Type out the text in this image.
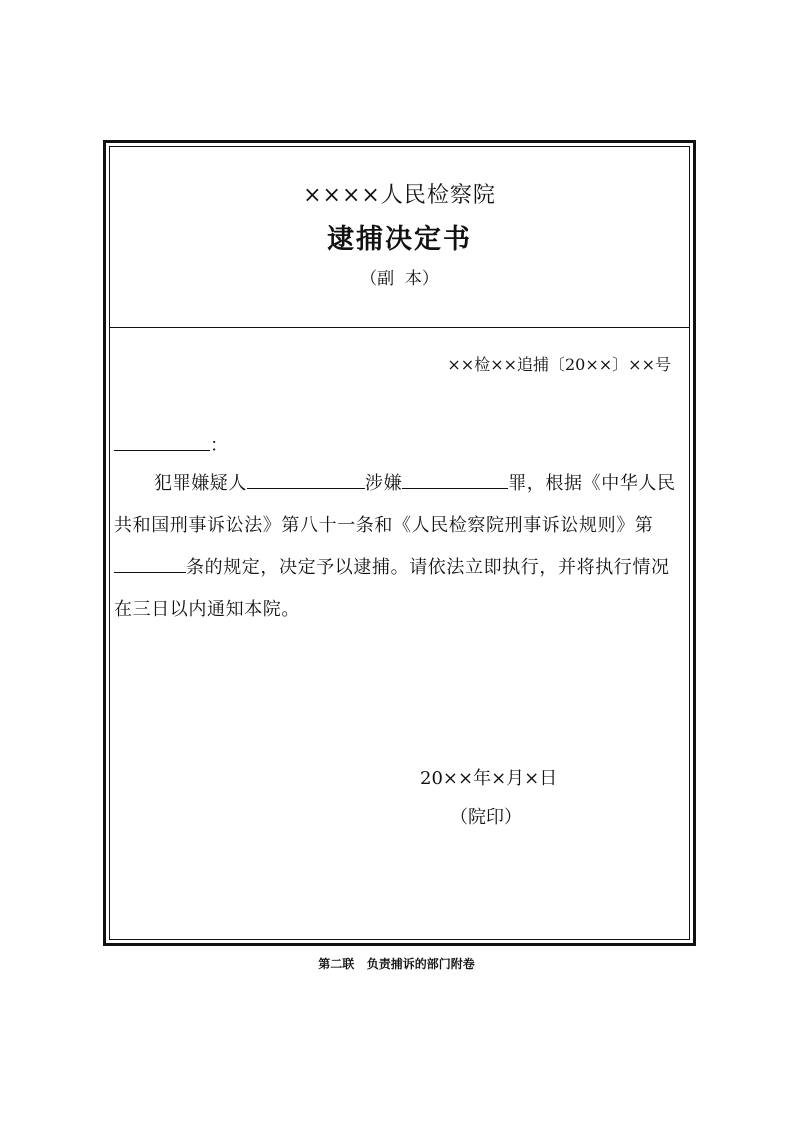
××××人民检察院
逮捕决定书
（副  本）
××检××追捕〔20××〕××号
：
犯罪嫌疑人	涉嫌	罪，根据《中华人民共和国刑事诉讼法》第八十一条和《人民检察院刑事诉讼规则》第条的规定，决定予以逮捕。请依法立即执行，并将执行情况在三日以内通知本院。
20××年×月×日
（院印）
第二联   负责捕诉的部门附卷
